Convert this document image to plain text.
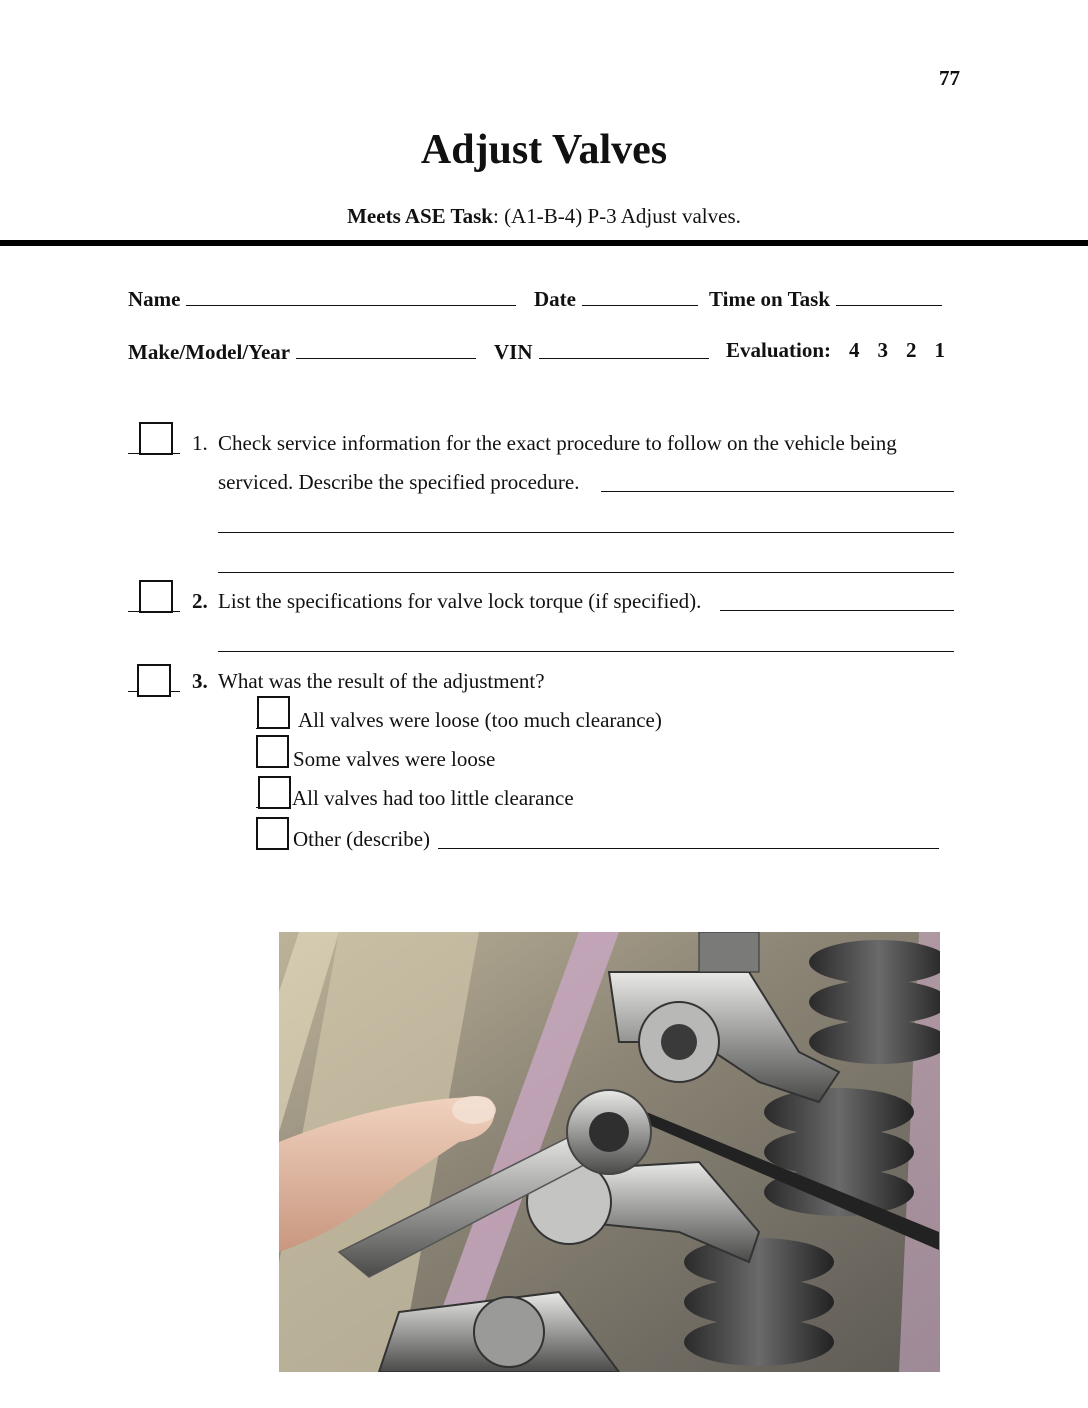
77
Adjust Valves
Meets ASE Task: (A1-B-4) P-3 Adjust valves.
Name	Date	Time on Task
Make/Model/Year	VIN	Evaluation: 4 3 2 1
1. Check service information for the exact procedure to follow on the vehicle being
serviced. Describe the specified procedure.
2. List the specifications for valve lock torque (if specified).
3. What was the result of the adjustment?
All valves were loose (too much clearance)
Some valves were loose
All valves had too little clearance
Other (describe)
